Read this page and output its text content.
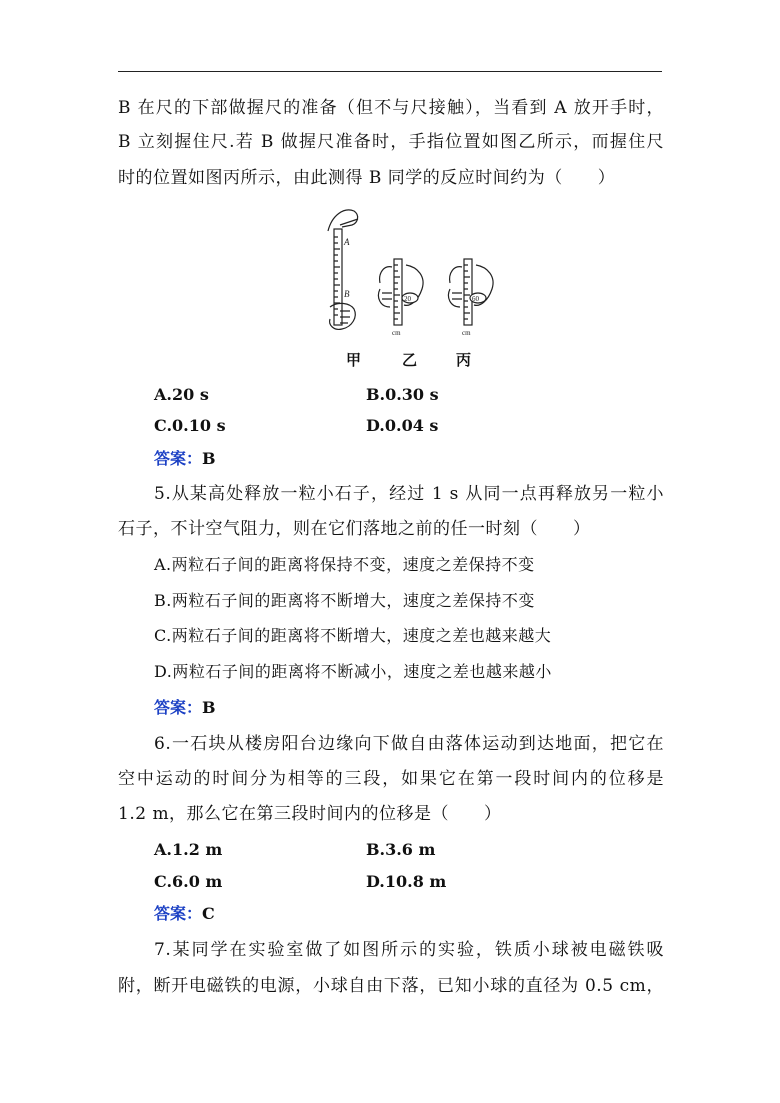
B 在尺的下部做握尺的准备（但不与尺接触），当看到 A 放开手时，
B 立刻握住尺.若 B 做握尺准备时，手指位置如图乙所示，而握住尺
时的位置如图丙所示，由此测得 B 同学的反应时间约为（　　）
A
B	20
cm
60
cm
甲	乙	丙
A.20 s	B.0.30 s
C.0.10 s	D.0.04 s
答案：B
5.从某高处释放一粒小石子，经过 1 s 从同一点再释放另一粒小
石子，不计空气阻力，则在它们落地之前的任一时刻（　　）
A.两粒石子间的距离将保持不变，速度之差保持不变
B.两粒石子间的距离将不断增大，速度之差保持不变
C.两粒石子间的距离将不断增大，速度之差也越来越大
D.两粒石子间的距离将不断减小，速度之差也越来越小
答案：B
6.一石块从楼房阳台边缘向下做自由落体运动到达地面，把它在
空中运动的时间分为相等的三段，如果它在第一段时间内的位移是
1.2 m，那么它在第三段时间内的位移是（　　）
A.1.2 m	B.3.6 m
C.6.0 m	D.10.8 m
答案：C
7.某同学在实验室做了如图所示的实验，铁质小球被电磁铁吸
附，断开电磁铁的电源，小球自由下落，已知小球的直径为 0.5 cm，
